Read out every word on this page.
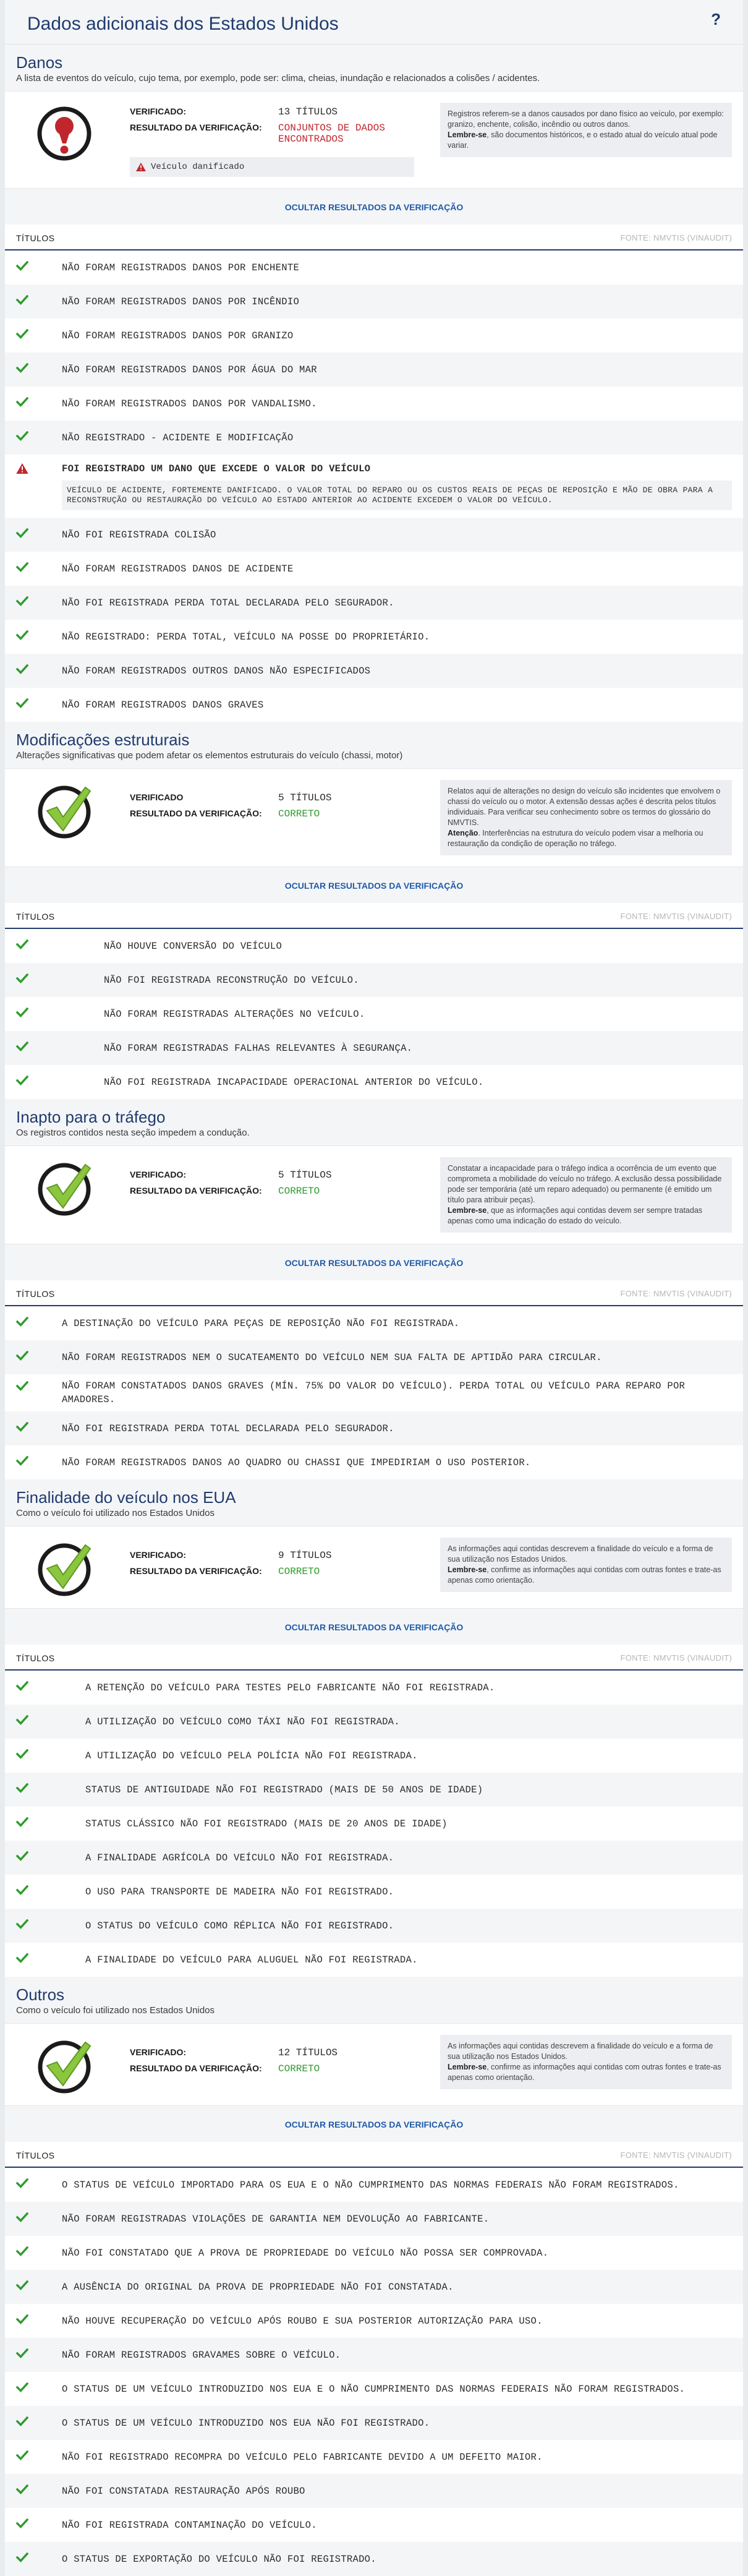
Dados adicionais dos Estados Unidos	?
Danos

A lista de eventos do veículo, cujo tema, por exemplo, pode ser: clima, cheias, inundação e relacionados a colisões / acidentes.

VERIFICADO:	13 TÍTULOS
RESULTADO DA VERIFICAÇÃO:	CONJUNTOS DE DADOS ENCONTRADOS
Veículo danificado
Registros referem-se a danos causados por dano físico ao veículo, por exemplo: granizo, enchente, colisão, incêndio ou outros danos.
Lembre-se, são documentos históricos, e o estado atual do veículo atual pode variar.
OCULTAR RESULTADOS DA VERIFICAÇÃO
TÍTULOS	FONTE: NMVTIS (VINAUDIT)
NÃO FORAM REGISTRADOS DANOS POR ENCHENTE
NÃO FORAM REGISTRADOS DANOS POR INCÊNDIO
NÃO FORAM REGISTRADOS DANOS POR GRANIZO
NÃO FORAM REGISTRADOS DANOS POR ÁGUA DO MAR
NÃO FORAM REGISTRADOS DANOS POR VANDALISMO.
NÃO REGISTRADO - ACIDENTE E MODIFICAÇÃO
FOI REGISTRADO UM DANO QUE EXCEDE O VALOR DO VEÍCULO
VEÍCULO DE ACIDENTE, FORTEMENTE DANIFICADO. O VALOR TOTAL DO REPARO OU OS CUSTOS REAIS DE PEÇAS DE REPOSIÇÃO E MÃO DE OBRA PARA A RECONSTRUÇÃO OU RESTAURAÇÃO DO VEÍCULO AO ESTADO ANTERIOR AO ACIDENTE EXCEDEM O VALOR DO VEÍCULO.
NÃO FOI REGISTRADA COLISÃO
NÃO FORAM REGISTRADOS DANOS DE ACIDENTE
NÃO FOI REGISTRADA PERDA TOTAL DECLARADA PELO SEGURADOR.
NÃO REGISTRADO: PERDA TOTAL, VEÍCULO NA POSSE DO PROPRIETÁRIO.
NÃO FORAM REGISTRADOS OUTROS DANOS NÃO ESPECIFICADOS
NÃO FORAM REGISTRADOS DANOS GRAVES
Modificações estruturais

Alterações significativas que podem afetar os elementos estruturais do veículo (chassi, motor)

VERIFICADO	5 TÍTULOS
RESULTADO DA VERIFICAÇÃO:	CORRETO
Relatos aqui de alterações no design do veículo são incidentes que envolvem o chassi do veículo ou o motor. A extensão dessas ações é descrita pelos títulos individuais. Para verificar seu conhecimento sobre os termos do glossário do NMVTIS.
Atenção. Interferências na estrutura do veículo podem visar a melhoria ou restauração da condição de operação no tráfego.
OCULTAR RESULTADOS DA VERIFICAÇÃO
TÍTULOS	FONTE: NMVTIS (VINAUDIT)
NÃO HOUVE CONVERSÃO DO VEÍCULO
NÃO FOI REGISTRADA RECONSTRUÇÃO DO VEÍCULO.
NÃO FORAM REGISTRADAS ALTERAÇÕES NO VEÍCULO.
NÃO FORAM REGISTRADAS FALHAS RELEVANTES À SEGURANÇA.
NÃO FOI REGISTRADA INCAPACIDADE OPERACIONAL ANTERIOR DO VEÍCULO.
Inapto para o tráfego

Os registros contidos nesta seção impedem a condução.

VERIFICADO:	5 TÍTULOS
RESULTADO DA VERIFICAÇÃO:	CORRETO
Constatar a incapacidade para o tráfego indica a ocorrência de um evento que comprometa a mobilidade do veículo no tráfego. A exclusão dessa possibilidade pode ser temporária (até um reparo adequado) ou permanente (é emitido um título para atribuir peças).
Lembre-se, que as informações aqui contidas devem ser sempre tratadas apenas como uma indicação do estado do veículo.
OCULTAR RESULTADOS DA VERIFICAÇÃO
TÍTULOS	FONTE: NMVTIS (VINAUDIT)
A DESTINAÇÃO DO VEÍCULO PARA PEÇAS DE REPOSIÇÃO NÃO FOI REGISTRADA.
NÃO FORAM REGISTRADOS NEM O SUCATEAMENTO DO VEÍCULO NEM SUA FALTA DE APTIDÃO PARA CIRCULAR.
NÃO FORAM CONSTATADOS DANOS GRAVES (MÍN. 75% DO VALOR DO VEÍCULO). PERDA TOTAL OU VEÍCULO PARA REPARO POR AMADORES.
NÃO FOI REGISTRADA PERDA TOTAL DECLARADA PELO SEGURADOR.
NÃO FORAM REGISTRADOS DANOS AO QUADRO OU CHASSI QUE IMPEDIRIAM O USO POSTERIOR.
Finalidade do veículo nos EUA

Como o veículo foi utilizado nos Estados Unidos

VERIFICADO:	9 TÍTULOS
RESULTADO DA VERIFICAÇÃO:	CORRETO
As informações aqui contidas descrevem a finalidade do veículo e a forma de sua utilização nos Estados Unidos.
Lembre-se, confirme as informações aqui contidas com outras fontes e trate-as apenas como orientação.
OCULTAR RESULTADOS DA VERIFICAÇÃO
TÍTULOS	FONTE: NMVTIS (VINAUDIT)
A RETENÇÃO DO VEÍCULO PARA TESTES PELO FABRICANTE NÃO FOI REGISTRADA.
A UTILIZAÇÃO DO VEÍCULO COMO TÁXI NÃO FOI REGISTRADA.
A UTILIZAÇÃO DO VEÍCULO PELA POLÍCIA NÃO FOI REGISTRADA.
STATUS DE ANTIGUIDADE NÃO FOI REGISTRADO (MAIS DE 50 ANOS DE IDADE)
STATUS CLÁSSICO NÃO FOI REGISTRADO (MAIS DE 20 ANOS DE IDADE)
A FINALIDADE AGRÍCOLA DO VEÍCULO NÃO FOI REGISTRADA.
O USO PARA TRANSPORTE DE MADEIRA NÃO FOI REGISTRADO.
O STATUS DO VEÍCULO COMO RÉPLICA NÃO FOI REGISTRADO.
A FINALIDADE DO VEÍCULO PARA ALUGUEL NÃO FOI REGISTRADA.
Outros

Como o veículo foi utilizado nos Estados Unidos

VERIFICADO:	12 TÍTULOS
RESULTADO DA VERIFICAÇÃO:	CORRETO
As informações aqui contidas descrevem a finalidade do veículo e a forma de sua utilização nos Estados Unidos.
Lembre-se, confirme as informações aqui contidas com outras fontes e trate-as apenas como orientação.
OCULTAR RESULTADOS DA VERIFICAÇÃO
TÍTULOS	FONTE: NMVTIS (VINAUDIT)
O STATUS DE VEÍCULO IMPORTADO PARA OS EUA E O NÃO CUMPRIMENTO DAS NORMAS FEDERAIS NÃO FORAM REGISTRADOS.
NÃO FORAM REGISTRADAS VIOLAÇÕES DE GARANTIA NEM DEVOLUÇÃO AO FABRICANTE.
NÃO FOI CONSTATADO QUE A PROVA DE PROPRIEDADE DO VEÍCULO NÃO POSSA SER COMPROVADA.
A AUSÊNCIA DO ORIGINAL DA PROVA DE PROPRIEDADE NÃO FOI CONSTATADA.
NÃO HOUVE RECUPERAÇÃO DO VEÍCULO APÓS ROUBO E SUA POSTERIOR AUTORIZAÇÃO PARA USO.
NÃO FORAM REGISTRADOS GRAVAMES SOBRE O VEÍCULO.
O STATUS DE UM VEÍCULO INTRODUZIDO NOS EUA E O NÃO CUMPRIMENTO DAS NORMAS FEDERAIS NÃO FORAM REGISTRADOS.
O STATUS DE UM VEÍCULO INTRODUZIDO NOS EUA NÃO FOI REGISTRADO.
NÃO FOI REGISTRADO RECOMPRA DO VEÍCULO PELO FABRICANTE DEVIDO A UM DEFEITO MAIOR.
NÃO FOI CONSTATADA RESTAURAÇÃO APÓS ROUBO
NÃO FOI REGISTRADA CONTAMINAÇÃO DO VEÍCULO.
O STATUS DE EXPORTAÇÃO DO VEÍCULO NÃO FOI REGISTRADO.
